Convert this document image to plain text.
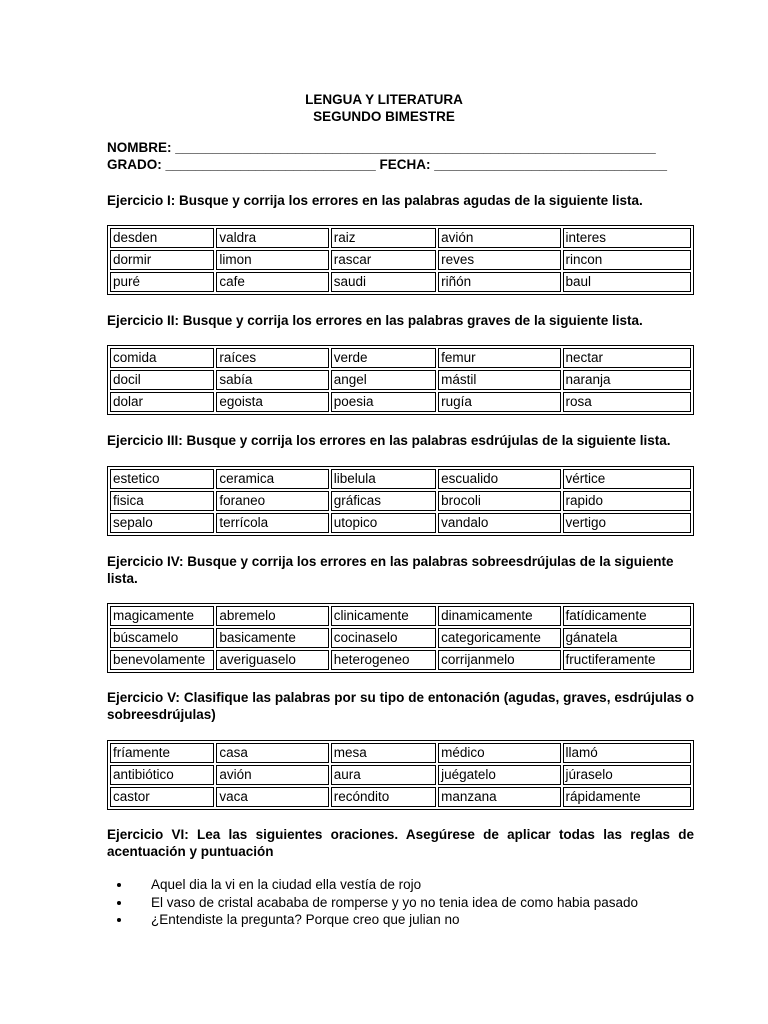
LENGUA Y LITERATURA
SEGUNDO BIMESTRE
NOMBRE: ________________________________________________________________
GRADO: ____________________________ FECHA: _______________________________
Ejercicio I: Busque y corrija los errores en las palabras agudas de la siguiente lista.
desden	valdra	raiz	avión	interes
dormir	limon	rascar	reves	rincon
puré	cafe	saudi	riñón	baul
Ejercicio II: Busque y corrija los errores en las palabras graves de la siguiente lista.
comida	raíces	verde	femur	nectar
docil	sabía	angel	mástil	naranja
dolar	egoista	poesia	rugía	rosa
Ejercicio III: Busque y corrija los errores en las palabras esdrújulas de la siguiente lista.
estetico	ceramica	libelula	escualido	vértice
fisica	foraneo	gráficas	brocoli	rapido
sepalo	terrícola	utopico	vandalo	vertigo
Ejercicio IV: Busque y corrija los errores en las palabras sobreesdrújulas de la siguiente lista.
magicamente	abremelo	clinicamente	dinamicamente	fatídicamente
búscamelo	basicamente	cocinaselo	categoricamente	gánatela
benevolamente	averiguaselo	heterogeneo	corrijanmelo	fructiferamente
Ejercicio V: Clasifique las palabras por su tipo de entonación (agudas, graves, esdrújulas o sobreesdrújulas)
fríamente	casa	mesa	médico	llamó
antibiótico	avión	aura	juégatelo	júraselo
castor	vaca	recóndito	manzana	rápidamente
Ejercicio VI: Lea las siguientes oraciones. Asegúrese de aplicar todas las reglas de acentuación y puntuación
• Aquel dia la vi en la ciudad ella vestía de rojo
• El vaso de cristal acababa de romperse y yo no tenia idea de como habia pasado
• ¿Entendiste la pregunta? Porque creo que julian no
